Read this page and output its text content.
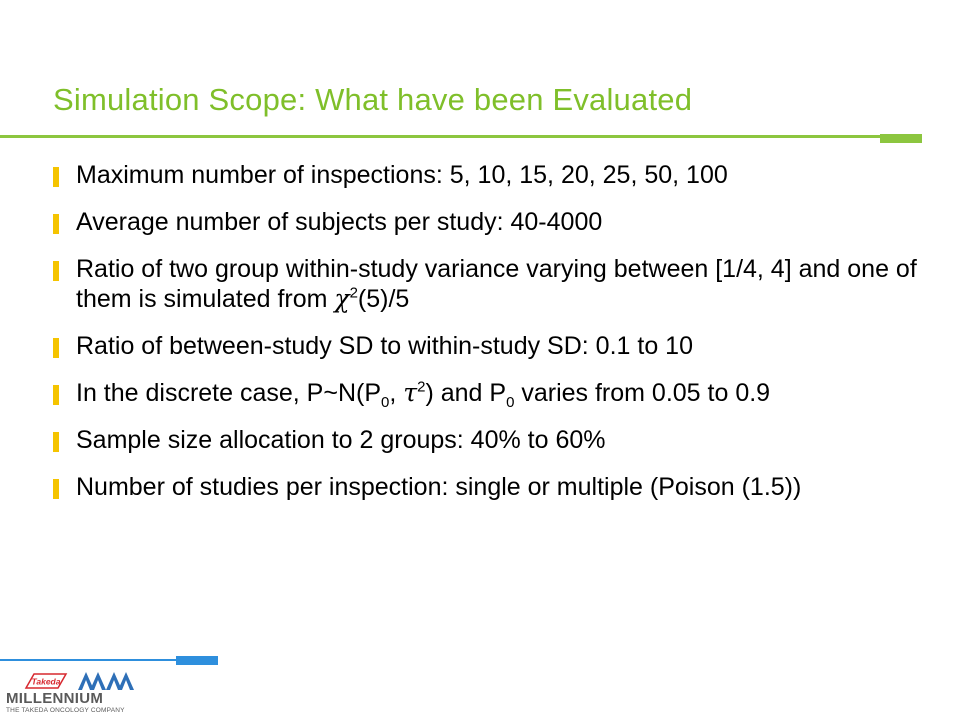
Simulation Scope: What have been Evaluated
Maximum number of inspections: 5, 10, 15, 20, 25, 50, 100
Average number of subjects per study: 40-4000
Ratio of two group within-study variance varying between [1/4, 4] and one of them is simulated from $\chi^2(5)/5$
Ratio of between-study SD to within-study SD: 0.1 to 10
In the discrete case, $P\sim N(P_0$, $\tau^2$) and $P_0$ varies from 0.05 to 0.9
Sample size allocation to 2 groups: 40% to 60%
Number of studies per inspection: single or multiple (Poison (1.5))
Takeda
MILLENNIUM
THE TAKEDA ONCOLOGY COMPANY
